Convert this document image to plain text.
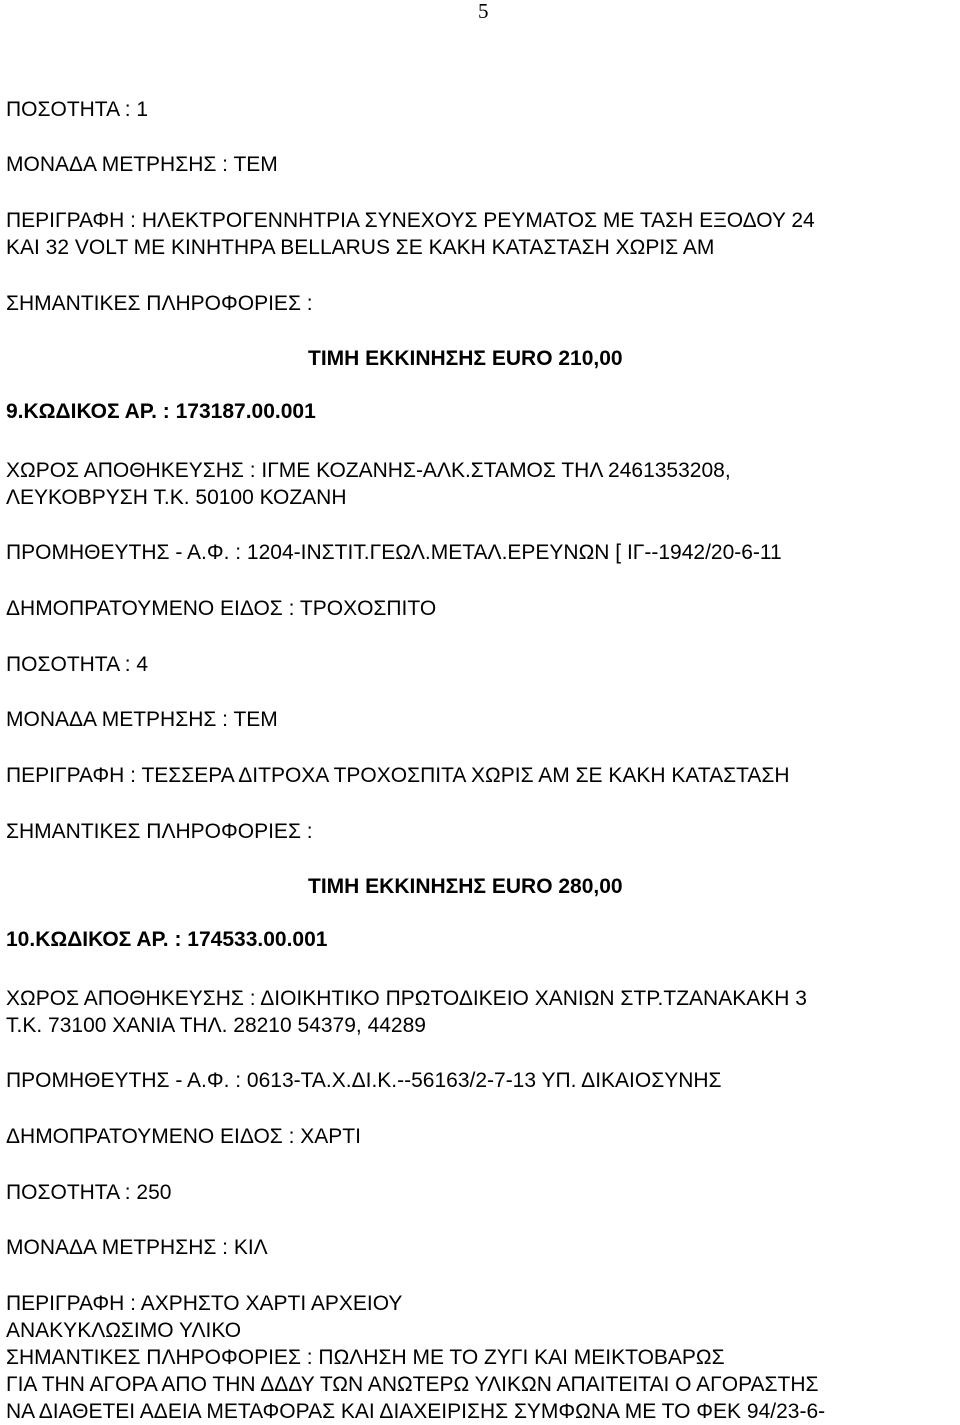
5

ΠΟΣΟΤΗΤΑ : 1

ΜΟΝΑΔΑ ΜΕΤΡΗΣΗΣ : ΤΕΜ

ΠΕΡΙΓΡΑΦΗ : ΗΛΕΚΤΡΟΓΕΝΝΗΤΡΙΑ ΣΥΝΕΧΟΥΣ ΡΕΥΜΑΤΟΣ ΜΕ ΤΑΣΗ ΕΞΟΔΟΥ 24

ΚΑΙ 32 VOLT ΜΕ ΚΙΝΗΤΗΡΑ BELLARUS ΣΕ ΚΑΚΗ ΚΑΤΑΣΤΑΣΗ ΧΩΡΙΣ ΑΜ

ΣΗΜΑΝΤΙΚΕΣ ΠΛΗΡΟΦΟΡΙΕΣ :

ΤΙΜΗ ΕΚΚΙΝΗΣΗΣ EURO 210,00

9.ΚΩΔΙΚΟΣ ΑΡ. : 173187.00.001

ΧΩΡΟΣ ΑΠΟΘΗΚΕΥΣΗΣ : ΙΓΜΕ ΚΟΖΑΝΗΣ-ΑΛΚ.ΣΤΑΜΟΣ ΤΗΛ 2461353208,

ΛΕΥΚΟΒΡΥΣΗ Τ.Κ. 50100 ΚΟΖΑΝΗ

ΠΡΟΜΗΘΕΥΤΗΣ - Α.Φ. : 1204-ΙΝΣΤΙΤ.ΓΕΩΛ.ΜΕΤΑΛ.ΕΡΕΥΝΩΝ [ ΙΓ--1942/20-6-11

ΔΗΜΟΠΡΑΤΟΥΜΕΝΟ ΕΙΔΟΣ : ΤΡΟΧΟΣΠΙΤΟ

ΠΟΣΟΤΗΤΑ : 4

ΜΟΝΑΔΑ ΜΕΤΡΗΣΗΣ : ΤΕΜ

ΠΕΡΙΓΡΑΦΗ : ΤΕΣΣΕΡΑ ΔΙΤΡΟΧΑ ΤΡΟΧΟΣΠΙΤΑ ΧΩΡΙΣ ΑΜ ΣΕ ΚΑΚΗ ΚΑΤΑΣΤΑΣΗ

ΣΗΜΑΝΤΙΚΕΣ ΠΛΗΡΟΦΟΡΙΕΣ :

ΤΙΜΗ ΕΚΚΙΝΗΣΗΣ EURO 280,00

10.ΚΩΔΙΚΟΣ ΑΡ. : 174533.00.001

ΧΩΡΟΣ ΑΠΟΘΗΚΕΥΣΗΣ : ΔΙΟΙΚΗΤΙΚΟ ΠΡΩΤΟΔΙΚΕΙΟ ΧΑΝΙΩΝ ΣΤΡ.ΤΖΑΝΑΚΑΚΗ 3

Τ.Κ. 73100 ΧΑΝΙΑ ΤΗΛ. 28210 54379, 44289

ΠΡΟΜΗΘΕΥΤΗΣ - Α.Φ. : 0613-ΤΑ.Χ.ΔΙ.Κ.--56163/2-7-13 ΥΠ. ΔΙΚΑΙΟΣΥΝΗΣ

ΔΗΜΟΠΡΑΤΟΥΜΕΝΟ ΕΙΔΟΣ : ΧΑΡΤΙ

ΠΟΣΟΤΗΤΑ : 250

ΜΟΝΑΔΑ ΜΕΤΡΗΣΗΣ : ΚΙΛ

ΠΕΡΙΓΡΑΦΗ : ΑΧΡΗΣΤΟ ΧΑΡΤΙ ΑΡΧΕΙΟΥ

ΑΝΑΚΥΚΛΩΣΙΜΟ ΥΛΙΚΟ

ΣΗΜΑΝΤΙΚΕΣ ΠΛΗΡΟΦΟΡΙΕΣ : ΠΩΛΗΣΗ ΜΕ ΤΟ ΖΥΓΙ ΚΑΙ ΜΕΙΚΤΟΒΑΡΩΣ

ΓΙΑ ΤΗΝ ΑΓΟΡΑ ΑΠΟ ΤΗΝ ΔΔΔΥ ΤΩΝ ΑΝΩΤΕΡΩ ΥΛΙΚΩΝ ΑΠΑΙΤΕΙΤΑΙ Ο ΑΓΟΡΑΣΤΗΣ

ΝΑ ΔΙΑΘΕΤΕΙ ΑΔΕΙΑ ΜΕΤΑΦΟΡΑΣ ΚΑΙ ΔΙΑΧΕΙΡΙΣΗΣ ΣΥΜΦΩΝΑ ΜΕ ΤΟ ΦΕΚ 94/23-6-
